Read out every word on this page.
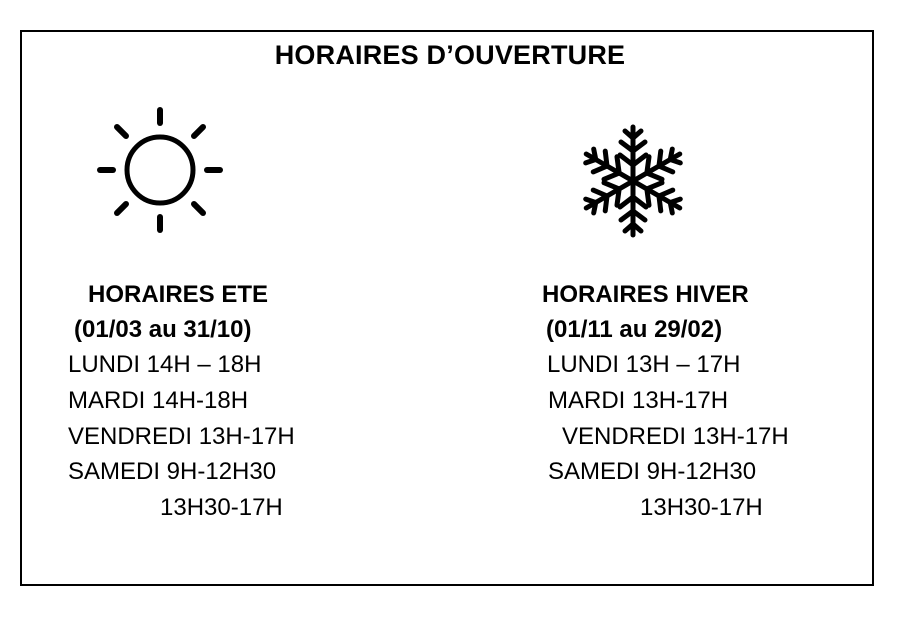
HORAIRES D’OUVERTURE
HORAIRES ETE
(01/03 au 31/10)
LUNDI 14H – 18H
MARDI 14H-18H
VENDREDI 13H-17H
SAMEDI 9H-12H30
13H30-17H
HORAIRES HIVER
(01/11 au 29/02)
LUNDI 13H – 17H
MARDI 13H-17H
VENDREDI 13H-17H
SAMEDI 9H-12H30
13H30-17H
